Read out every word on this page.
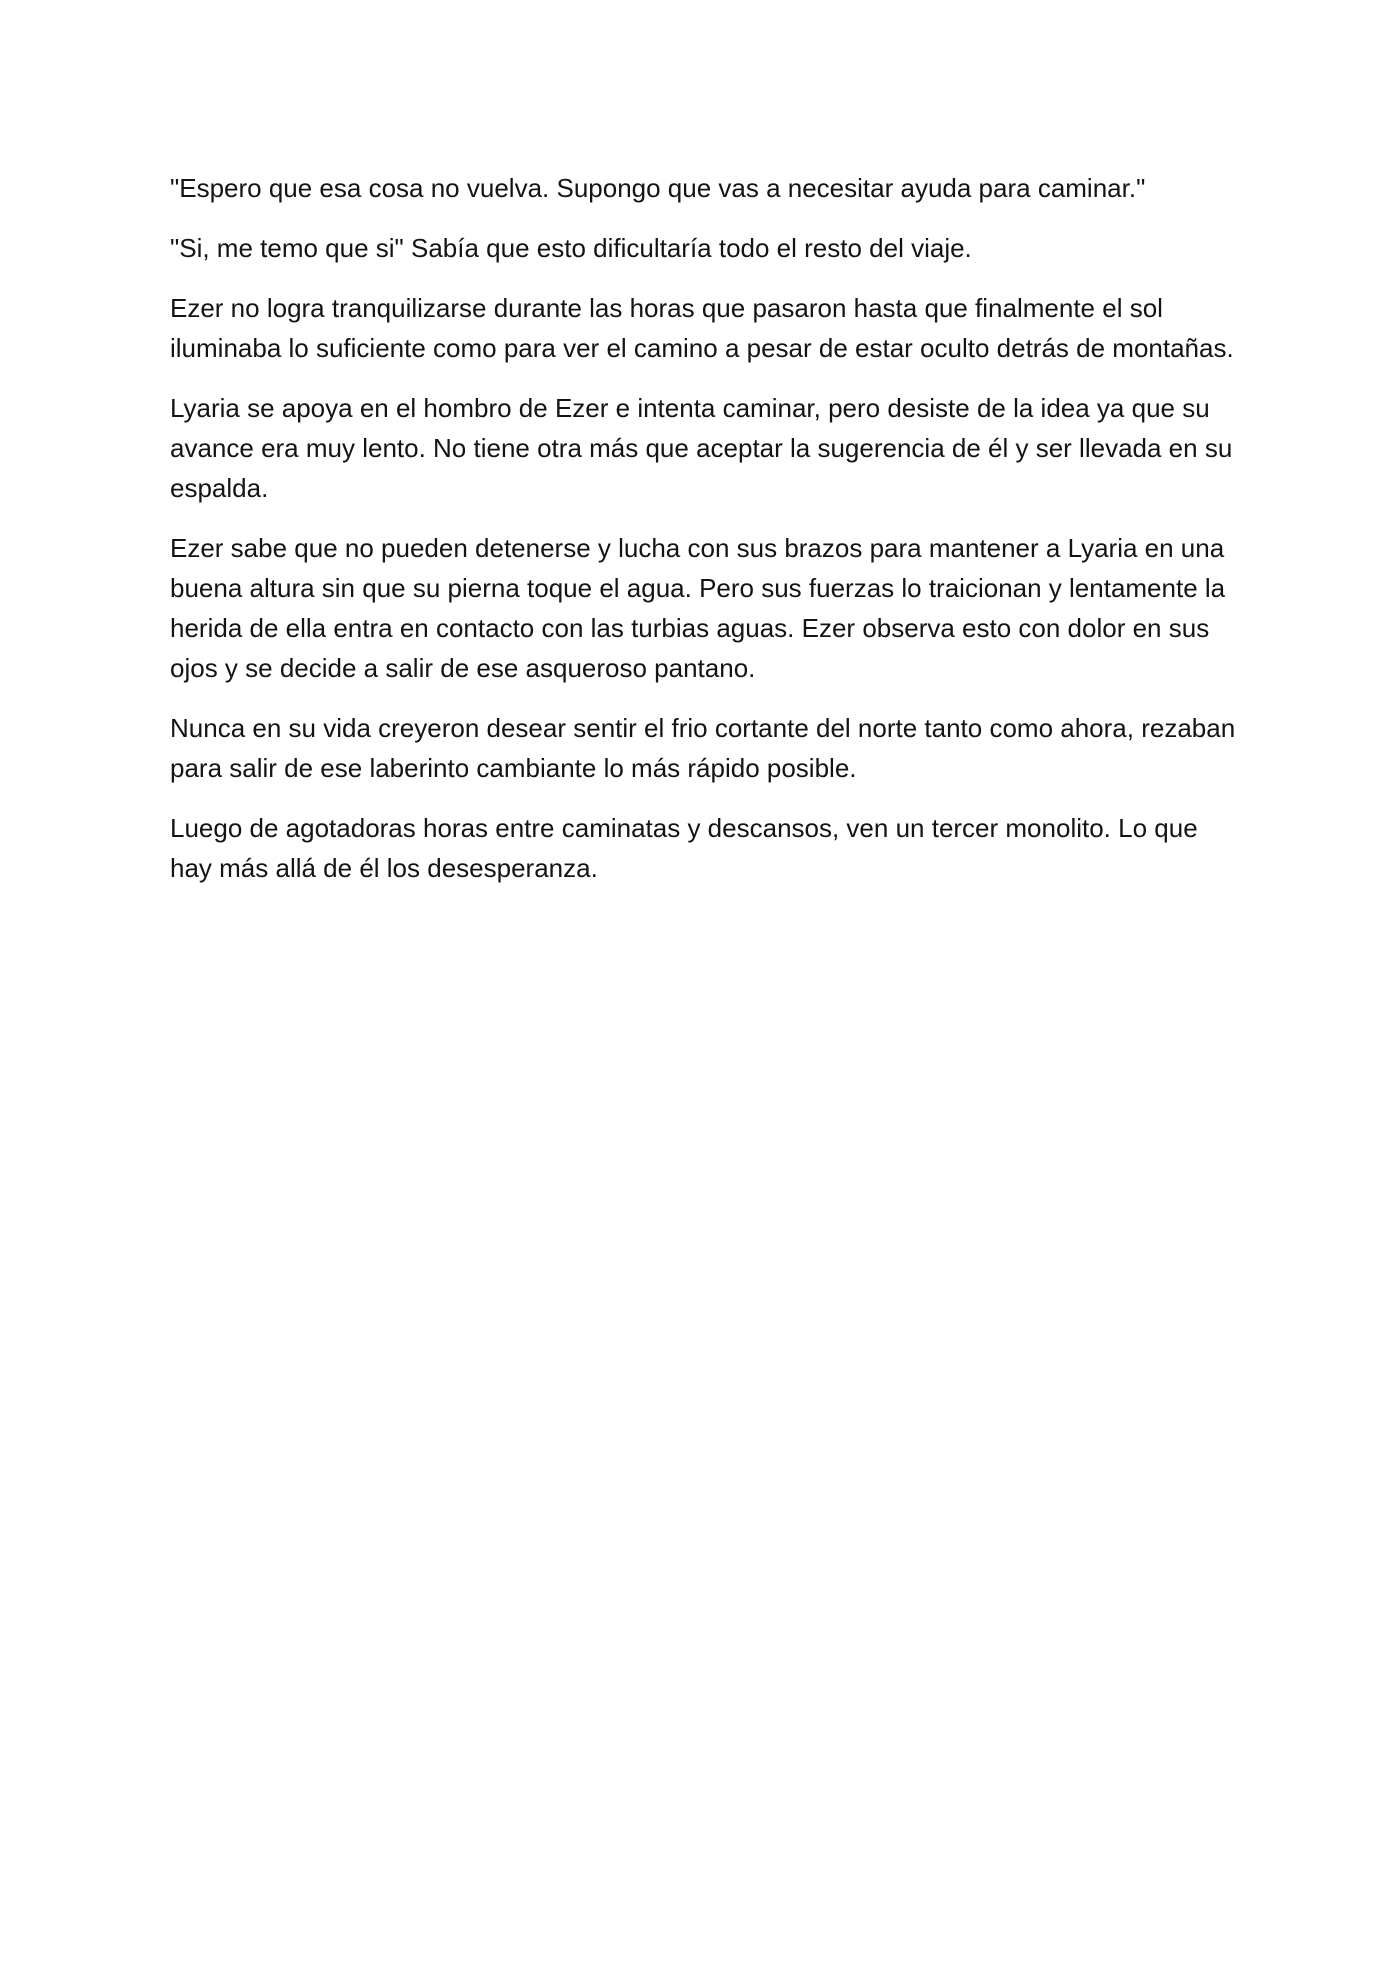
"Espero que esa cosa no vuelva. Supongo que vas a necesitar ayuda para caminar."

"Si, me temo que si" Sabía que esto dificultaría todo el resto del viaje.

Ezer no logra tranquilizarse durante las horas que pasaron hasta que finalmente el sol iluminaba lo suficiente como para ver el camino a pesar de estar oculto detrás de montañas.

Lyaria se apoya en el hombro de Ezer e intenta caminar, pero desiste de la idea ya que su avance era muy lento. No tiene otra más que aceptar la sugerencia de él y ser llevada en su espalda.

Ezer sabe que no pueden detenerse y lucha con sus brazos para mantener a Lyaria en una buena altura sin que su pierna toque el agua. Pero sus fuerzas lo traicionan y lentamente la herida de ella entra en contacto con las turbias aguas. Ezer observa esto con dolor en sus ojos y se decide a salir de ese asqueroso pantano.

Nunca en su vida creyeron desear sentir el frio cortante del norte tanto como ahora, rezaban para salir de ese laberinto cambiante lo más rápido posible.

Luego de agotadoras horas entre caminatas y descansos, ven un tercer monolito. Lo que hay más allá de él los desesperanza.
